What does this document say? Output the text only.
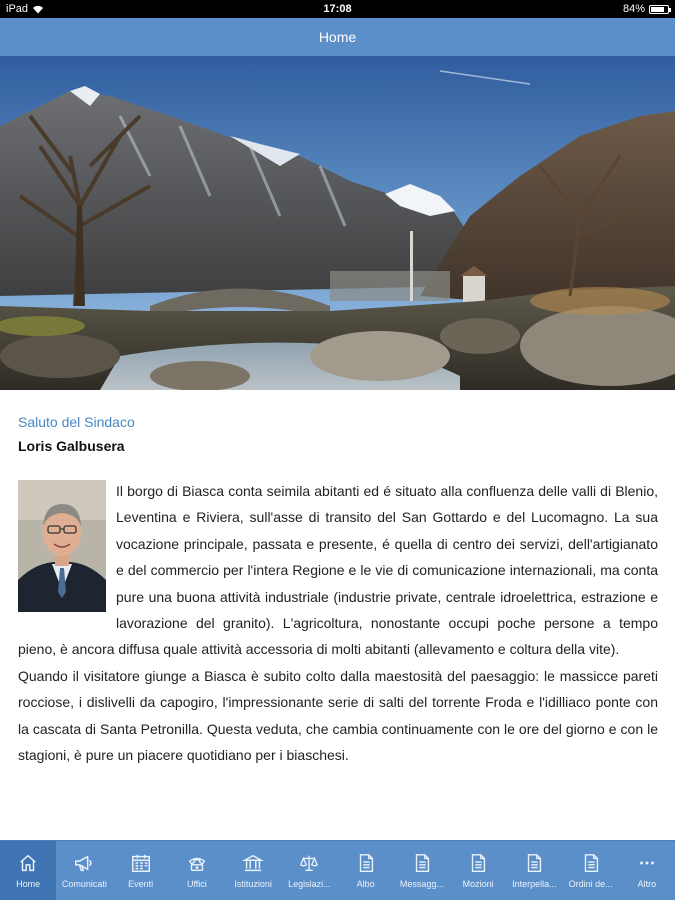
iPad	17:08	84%
Home
Saluto del Sindaco
Loris Galbusera

Il borgo di Biasca conta seimila abitanti ed é situato alla confluenza delle valli di Blenio, Leventina e Riviera, sull'asse di transito del San Gottardo e del Lucomagno. La sua vocazione principale, passata e presente, é quella di centro dei servizi, dell'artigianato e del commercio per l'intera Regione e le vie di comunicazione internazionali, ma conta pure una buona attività industriale (industrie private, centrale idroelettrica, estrazione e lavorazione del granito). L'agricoltura, nonostante occupi poche persone a tempo pieno, è ancora diffusa quale attività accessoria di molti abitanti (allevamento e coltura della vite).

Quando il visitatore giunge a Biasca è subito colto dalla maestosità del paesaggio: le massicce pareti rocciose, i dislivelli da capogiro, l'impressionante serie di salti del torrente Froda e l'idilliaco ponte con la cascata di Santa Petronilla. Questa veduta, che cambia continuamente con le ore del giorno e con le stagioni, è pure un piacere quotidiano per i biaschesi.

Home Comunicati Eventi	Uffici	Istituzioni Legislazi...	Albo	Messagg... Mozioni Interpella... Ordini de...	Altro
